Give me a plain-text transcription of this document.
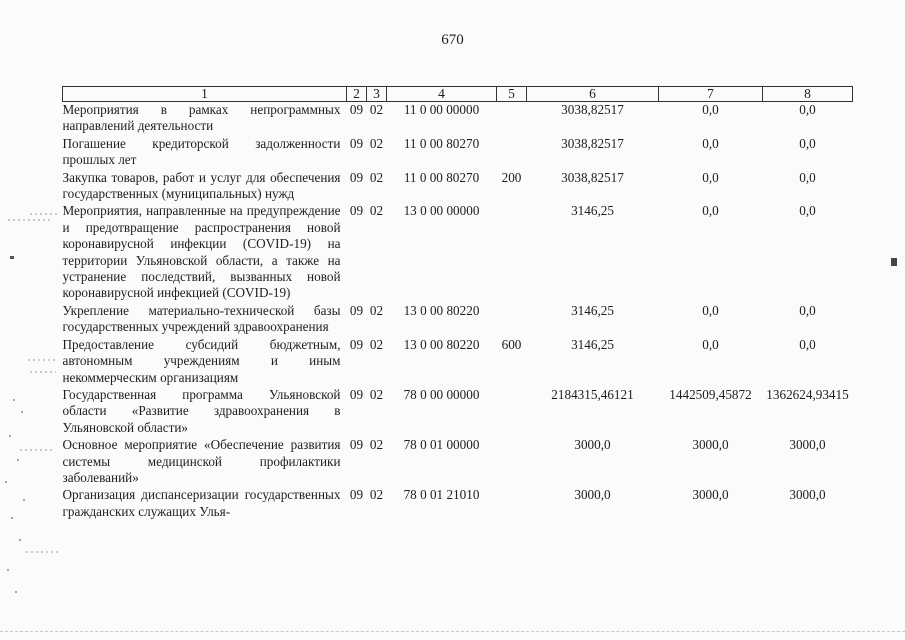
670
1	2	3	4	5	6	7	8
Мероприятия в рамках непрограммных направлений деятельности	09	02	11 0 00 00000		3038,82517	0,0	0,0
Погашение кредиторской задолженности прошлых лет	09	02	11 0 00 80270		3038,82517	0,0	0,0
Закупка товаров, работ и услуг для обеспечения государственных (муниципальных) нужд	09	02	11 0 00 80270	200	3038,82517	0,0	0,0
Мероприятия, направленные на предупреждение и предотвращение распространения новой коронавирусной инфекции (COVID-19) на территории Ульяновской области, а также на устранение последствий, вызванных новой коронавирусной инфекцией (COVID-19)	09	02	13 0 00 00000		3146,25	0,0	0,0
Укрепление материально-технической базы государственных учреждений здравоохранения	09	02	13 0 00 80220		3146,25	0,0	0,0
Предоставление субсидий бюджетным, автономным учреждениям и иным некоммерческим организациям	09	02	13 0 00 80220	600	3146,25	0,0	0,0
Государственная программа Ульяновской области «Развитие здравоохранения в Ульяновской области»	09	02	78 0 00 00000		2184315,46121	1442509,45872	1362624,93415
Основное мероприятие «Обеспечение развития системы медицинской профилактики заболеваний»	09	02	78 0 01 00000		3000,0	3000,0	3000,0
Организация диспансеризации государственных гражданских служащих Улья-	09	02	78 0 01 21010		3000,0	3000,0	3000,0
